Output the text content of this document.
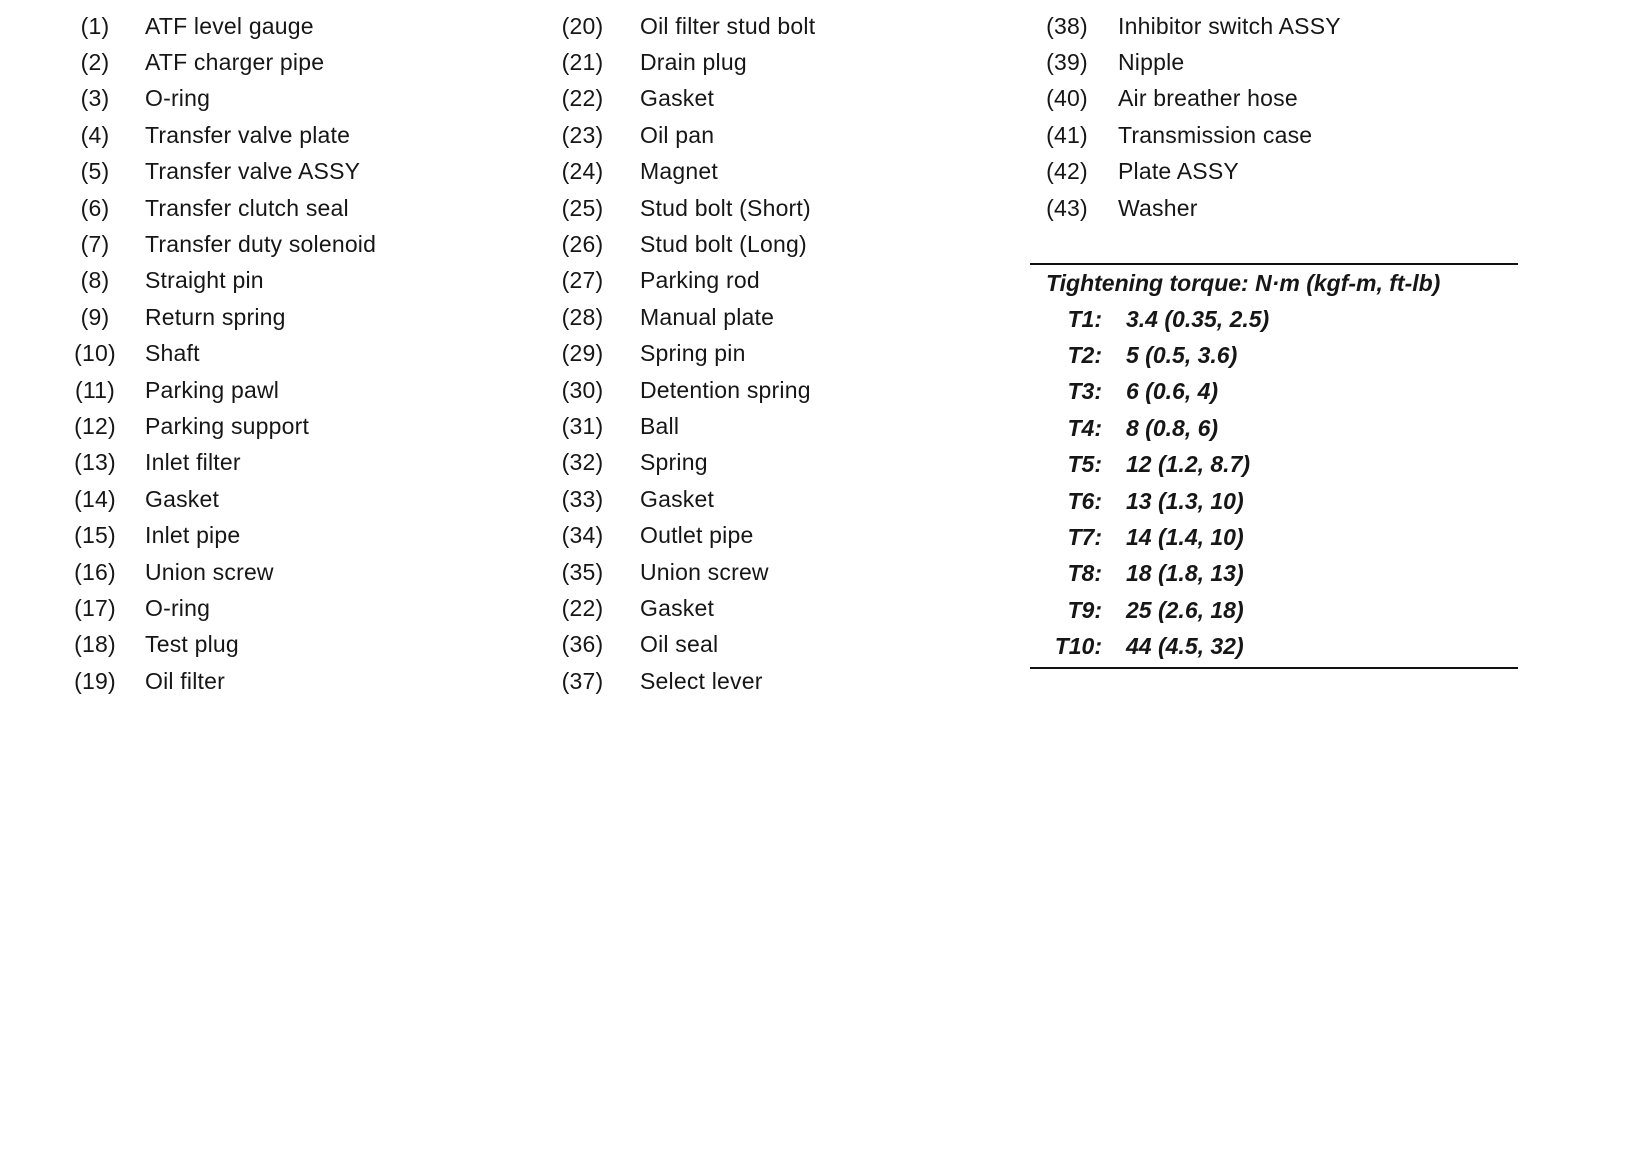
(1)	ATF level gauge
(2)	ATF charger pipe
(3)	O-ring
(4)	Transfer valve plate
(5)	Transfer valve ASSY
(6)	Transfer clutch seal
(7)	Transfer duty solenoid
(8)	Straight pin
(9)	Return spring
(10) Shaft
(11) Parking pawl
(12) Parking support
(13) Inlet filter
(14) Gasket
(15) Inlet pipe
(16) Union screw
(17) O-ring
(18) Test plug
(19) Oil filter
(20) Oil filter stud bolt
(21) Drain plug
(22) Gasket
(23) Oil pan
(24) Magnet
(25) Stud bolt (Short)
(26) Stud bolt (Long)
(27) Parking rod
(28) Manual plate
(29) Spring pin
(30) Detention spring
(31) Ball
(32) Spring
(33) Gasket
(34) Outlet pipe
(35) Union screw
(22) Gasket
(36) Oil seal
(37) Select lever
(38) Inhibitor switch ASSY
(39) Nipple
(40) Air breather hose
(41) Transmission case
(42) Plate ASSY
(43) Washer
Tightening torque: N·m (kgf-m, ft-lb)
T1: 3.4 (0.35, 2.5)
T2: 5 (0.5, 3.6)
T3: 6 (0.6, 4)
T4: 8 (0.8, 6)
T5: 12 (1.2, 8.7)
T6: 13 (1.3, 10)
T7: 14 (1.4, 10)
T8: 18 (1.8, 13)
T9: 25 (2.6, 18)
T10: 44 (4.5, 32)
